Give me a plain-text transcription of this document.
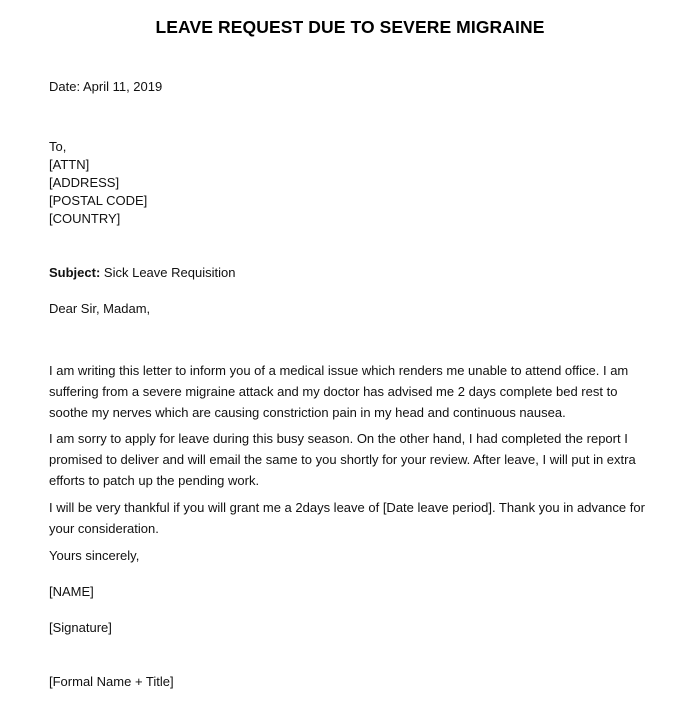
LEAVE REQUEST DUE TO SEVERE MIGRAINE
Date: April 11, 2019
To,
[ATTN]
[ADDRESS]
[POSTAL CODE]
[COUNTRY]
Subject: Sick Leave Requisition
Dear Sir, Madam,
I am writing this letter to inform you of a medical issue which renders me unable to attend office. I am suffering from a severe migraine attack and my doctor has advised me 2 days complete bed rest to soothe my nerves which are causing constriction pain in my head and continuous nausea.
I am sorry to apply for leave during this busy season. On the other hand, I had completed the report I promised to deliver and will email the same to you shortly for your review. After leave, I will put in extra efforts to patch up the pending work.
I will be very thankful if you will grant me a 2days leave of [Date leave period]. Thank you in advance for your consideration.
Yours sincerely,
[NAME]
[Signature]
[Formal Name + Title]
